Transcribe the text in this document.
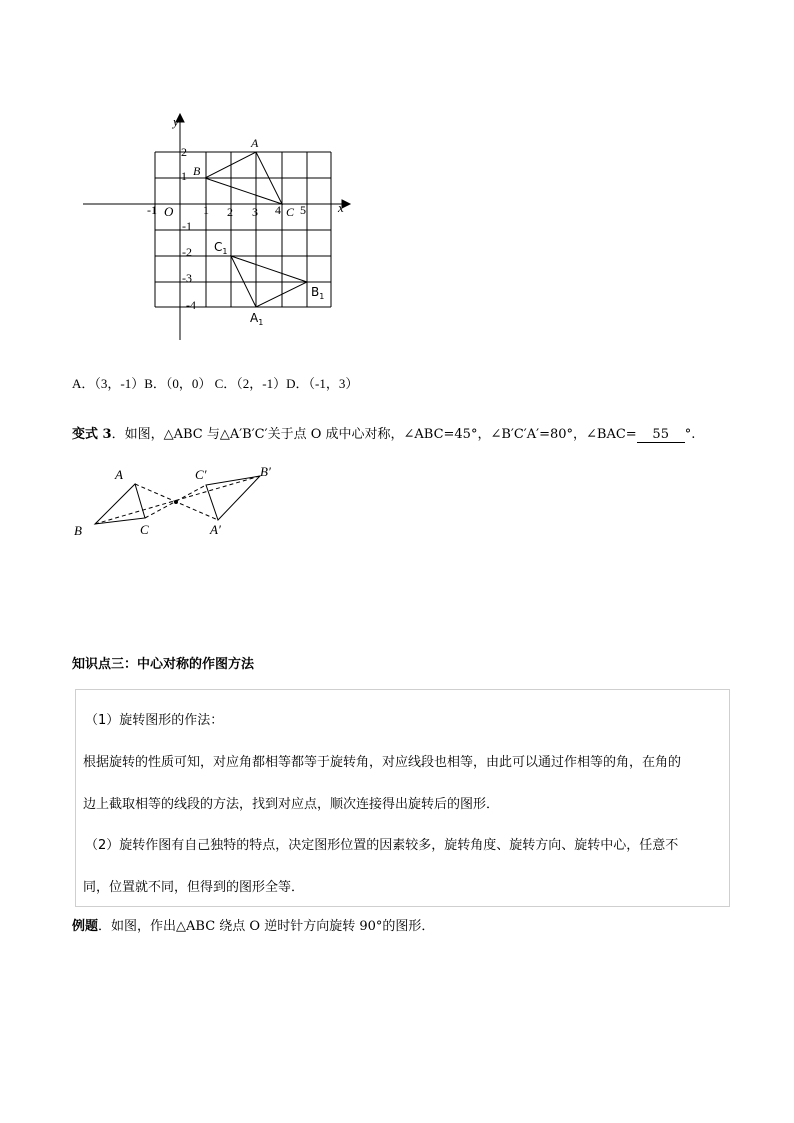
y
x
O
-1	1 2 3 4 5
2
1
-1
-2
-3
-4
A
B
C
$C_1$
$B_1$
$A_1$
A．（3，-1）B．（0，0） C．（2，-1）D．（-1，3）
变式 3．如图，△ABC 与△A′B′C′关于点 O 成中心对称，∠ABC=45°，∠B′C′A′=80°，∠BAC= 55 °.
A
B	C	A′
B′
C′
知识点三：中心对称的作图方法

（1）旋转图形的作法：

根据旋转的性质可知，对应角都相等都等于旋转角，对应线段也相等，由此可以通过作相等的角，在角的

边上截取相等的线段的方法，找到对应点，顺次连接得出旋转后的图形．

（2）旋转作图有自己独特的特点，决定图形位置的因素较多，旋转角度、旋转方向、旋转中心，任意不

同，位置就不同，但得到的图形全等．

例题．如图，作出△ABC 绕点 O 逆时针方向旋转 90°的图形．
